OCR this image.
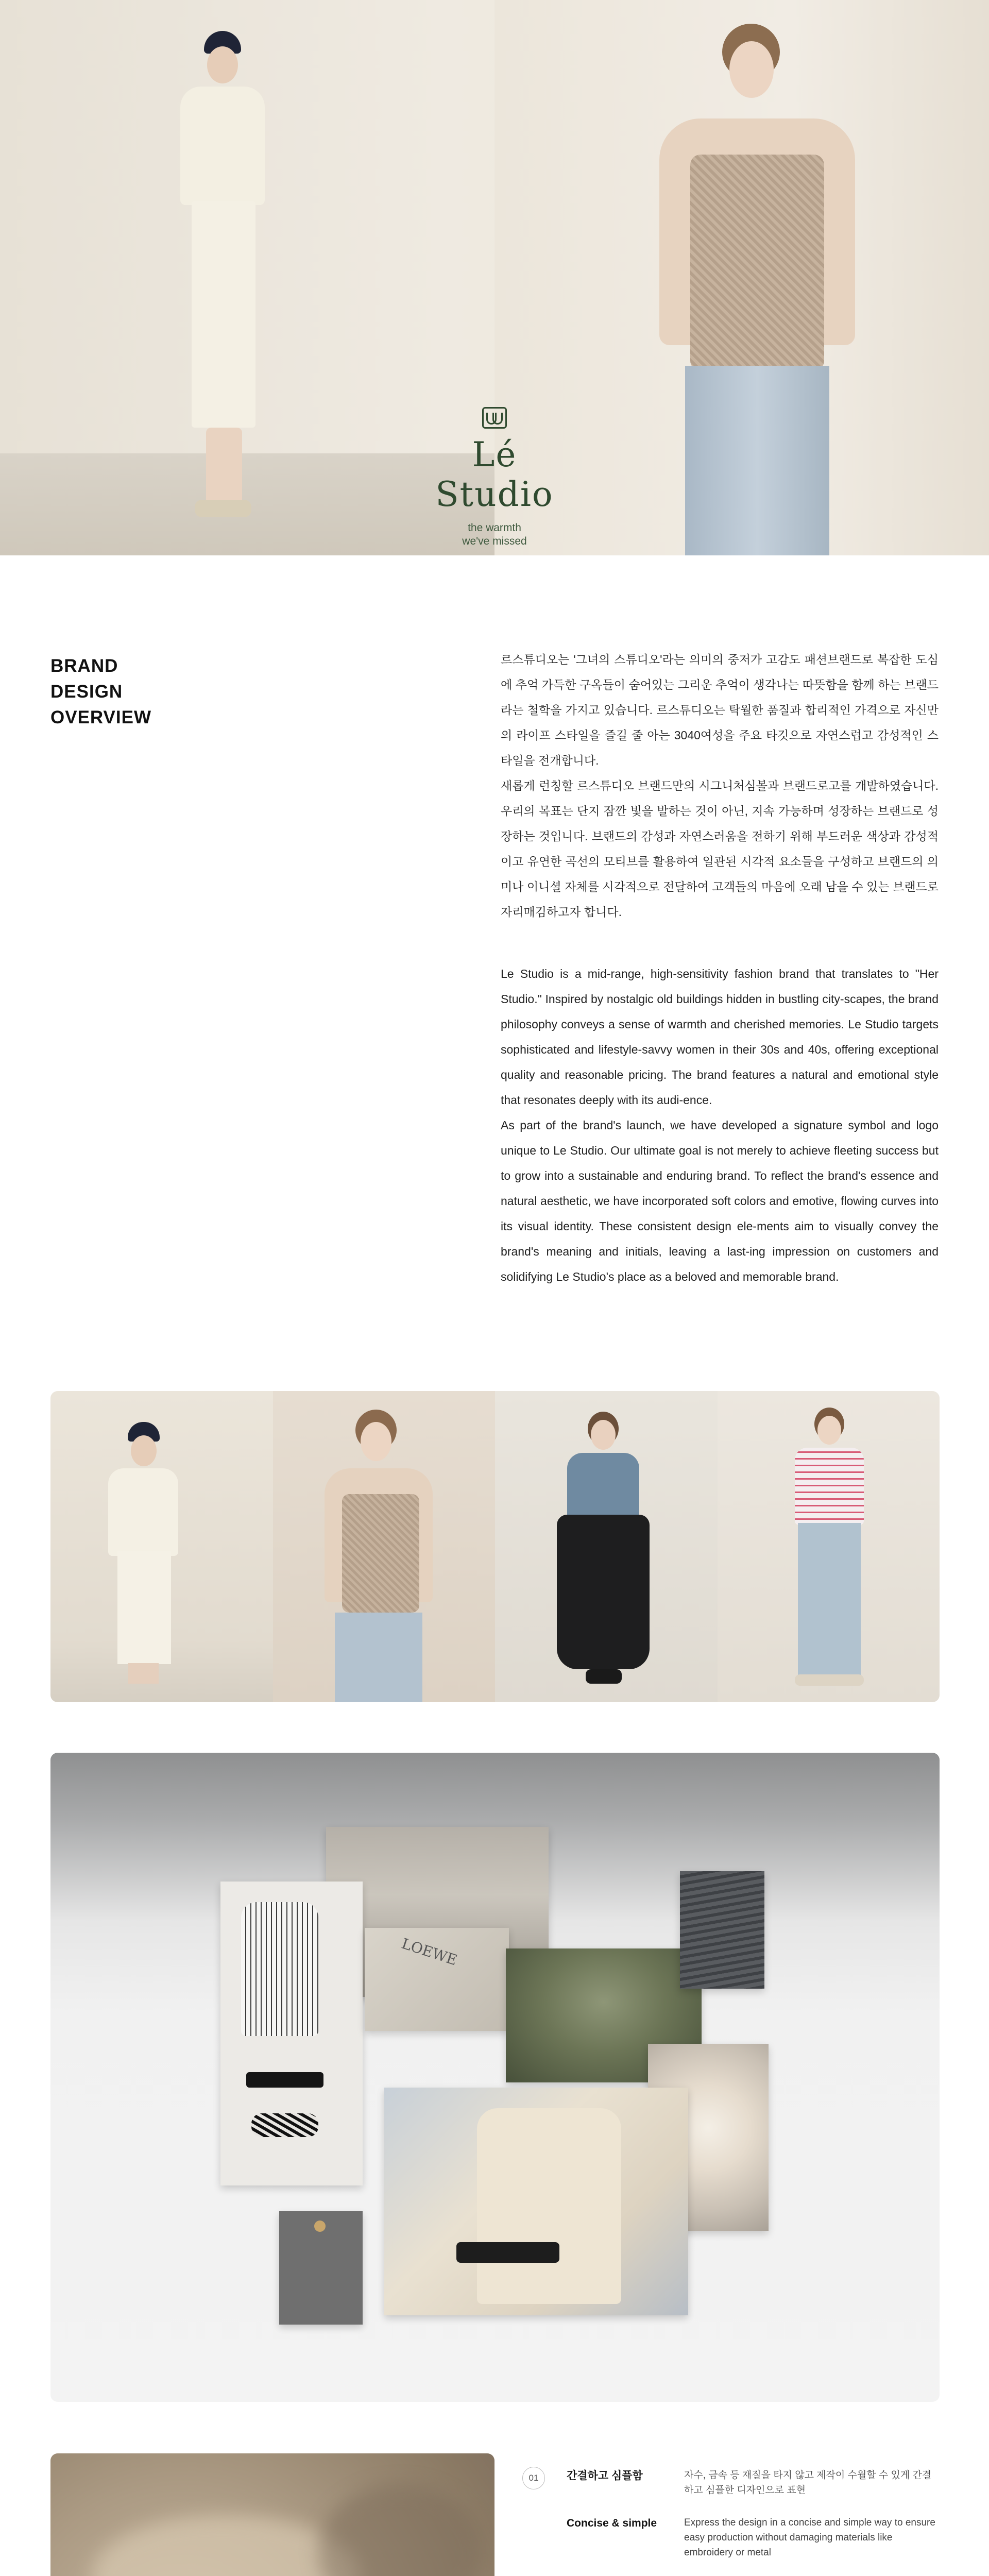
Lé Studio
the warmth
we've missed
BRAND
DESIGN
OVERVIEW

르스튜디오는 '그녀의 스튜디오'라는 의미의 중저가 고감도 패션브랜드로 복잡한 도심에 추억 가득한 구옥들이 숨어있는 그리운 추억이 생각나는 따뜻함을 함께 하는 브랜드라는 철학을 가지고 있습니다. 르스튜디오는 탁월한 품질과 합리적인 가격으로 자신만의 라이프 스타일을 즐길 줄 아는 3040여성을 주요 타깃으로 자연스럽고 감성적인 스타일을 전개합니다.

새롭게 런칭할 르스튜디오 브랜드만의 시그니처심볼과 브랜드로고를 개발하였습니다. 우리의 목표는 단지 잠깐 빛을 발하는 것이 아닌, 지속 가능하며 성장하는 브랜드로 성장하는 것입니다. 브랜드의 감성과 자연스러움을 전하기 위해 부드러운 색상과 감성적이고 유연한 곡선의 모티브를 활용하여 일관된 시각적 요소들을 구성하고 브랜드의 의미나 이니셜 자체를 시각적으로 전달하여 고객들의 마음에 오래 남을 수 있는 브랜드로 자리매김하고자 합니다.

Le Studio is a mid-range, high-sensitivity fashion brand that translates to "Her Studio." Inspired by nostalgic old buildings hidden in bustling city-scapes, the brand philosophy conveys a sense of warmth and cherished memories. Le Studio targets sophisticated and lifestyle-savvy women in their 30s and 40s, offering exceptional quality and reasonable pricing. The brand features a natural and emotional style that resonates deeply with its audi-ence.

As part of the brand's launch, we have developed a signature symbol and logo unique to Le Studio. Our ultimate goal is not merely to achieve fleeting success but to grow into a sustainable and enduring brand. To reflect the brand's essence and natural aesthetic, we have incorporated soft colors and emotive, flowing curves into its visual identity. These consistent design ele-ments aim to visually convey the brand's meaning and initials, leaving a last-ing impression on customers and solidifying Le Studio's place as a beloved and memorable brand.

LOEWE
01	간결하고 심플함	자수, 금속 등 재질을 타지 않고 제작이 수월할 수 있게 간결하고 심플한 디자인으로 표현
Concise & simple	Express the design in a concise and simple way to ensure easy production without damaging materials like embroidery or metal
